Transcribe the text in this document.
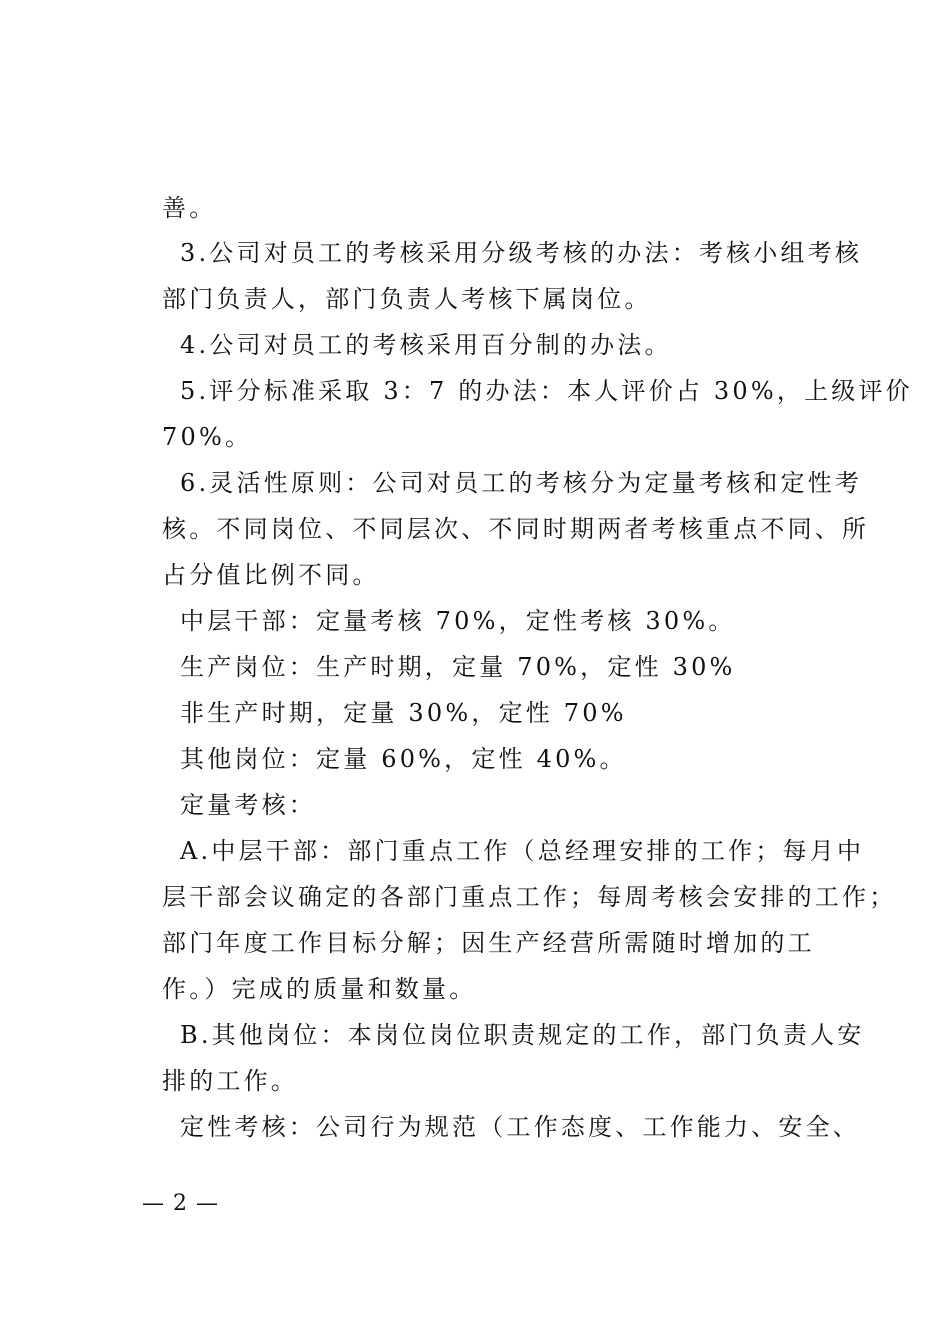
善。
3.公司对员工的考核采用分级考核的办法：考核小组考核
部门负责人，部门负责人考核下属岗位。
4.公司对员工的考核采用百分制的办法。
5.评分标准采取 3：7 的办法：本人评价占 30%，上级评价
70%。
6.灵活性原则：公司对员工的考核分为定量考核和定性考
核。不同岗位、不同层次、不同时期两者考核重点不同、所
占分值比例不同。
中层干部：定量考核 70%，定性考核 30%。
生产岗位：生产时期，定量 70%，定性 30%
非生产时期，定量 30%，定性 70%
其他岗位：定量 60%，定性 40%。
定量考核：
A.中层干部：部门重点工作（总经理安排的工作；每月中
层干部会议确定的各部门重点工作；每周考核会安排的工作；
部门年度工作目标分解；因生产经营所需随时增加的工
作。）完成的质量和数量。
B.其他岗位：本岗位岗位职责规定的工作，部门负责人安
排的工作。
定性考核：公司行为规范（工作态度、工作能力、安全、
— 2 —
